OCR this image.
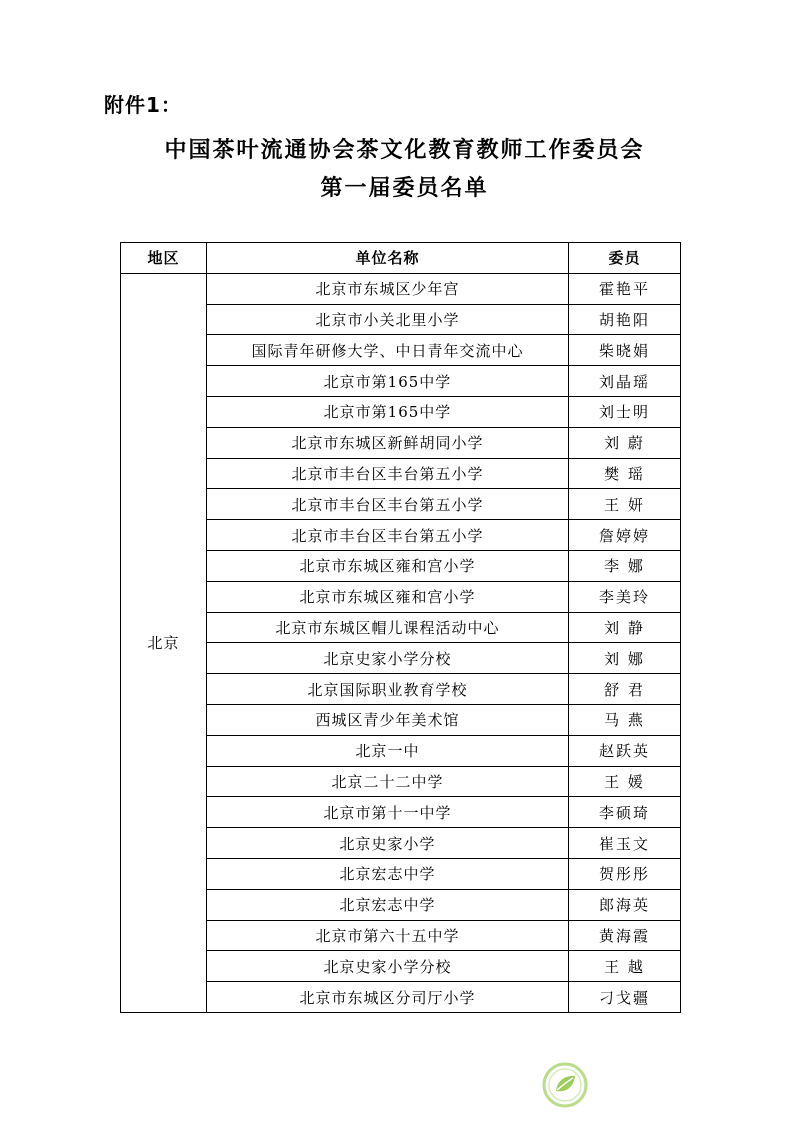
附件1：
中国茶叶流通协会茶文化教育教师工作委员会
第一届委员名单
地区	单位名称	委员
北京	北京市东城区少年宫	霍艳平
	北京市小关北里小学	胡艳阳
	国际青年研修大学、中日青年交流中心	柴晓娟
	北京市第165中学	刘晶瑶
	北京市第165中学	刘士明
	北京市东城区新鲜胡同小学	刘 蔚
	北京市丰台区丰台第五小学	樊 瑶
	北京市丰台区丰台第五小学	王 妍
	北京市丰台区丰台第五小学	詹婷婷
	北京市东城区雍和宫小学	李 娜
	北京市东城区雍和宫小学	李美玲
	北京市东城区帽儿课程活动中心	刘 静
	北京史家小学分校	刘 娜
	北京国际职业教育学校	舒 君
	西城区青少年美术馆	马 燕
	北京一中	赵跃英
	北京二十二中学	王 媛
	北京市第十一中学	李硕琦
	北京史家小学	崔玉文
	北京宏志中学	贺彤彤
	北京宏志中学	郎海英
	北京市第六十五中学	黄海霞
	北京史家小学分校	王 越
	北京市东城区分司厅小学	刁戈疆
